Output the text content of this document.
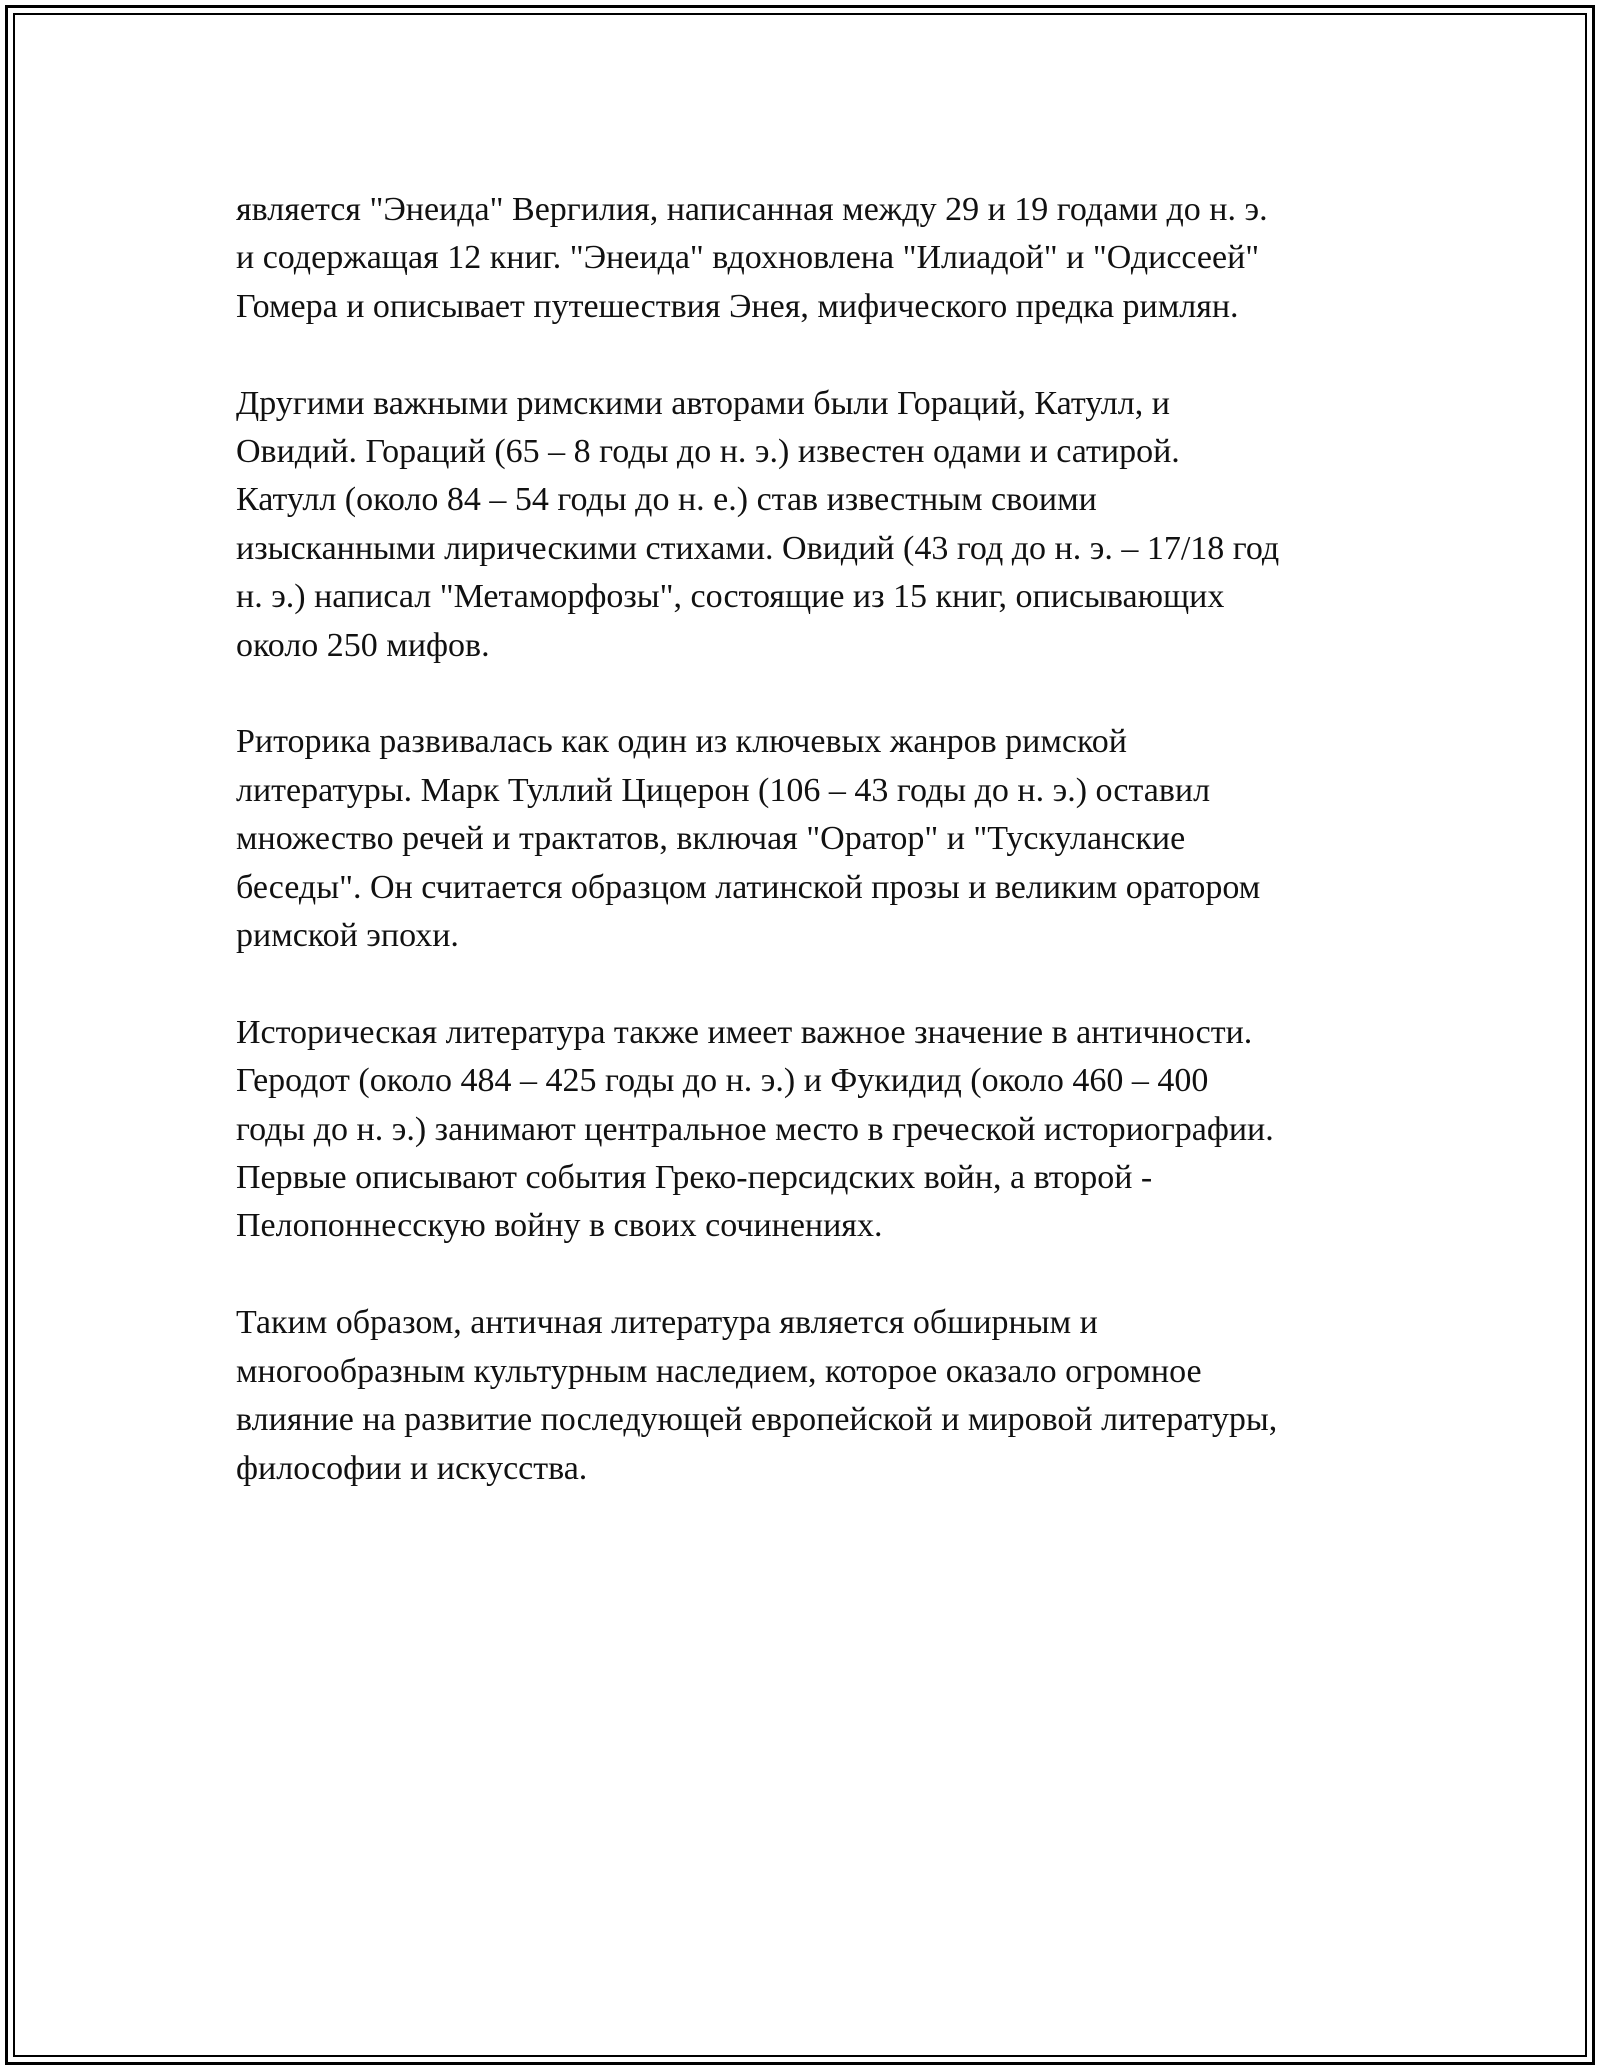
является "Энеида" Вергилия, написанная между 29 и 19 годами до н. э.
и содержащая 12 книг. "Энеида" вдохновлена "Илиадой" и "Одиссеей"
Гомера и описывает путешествия Энея, мифического предка римлян.

Другими важными римскими авторами были Гораций, Катулл, и
Овидий. Гораций (65 – 8 годы до н. э.) известен одами и сатирой.
Катулл (около 84 – 54 годы до н. е.) став известным своими
изысканными лирическими стихами. Овидий (43 год до н. э. – 17/18 год
н. э.) написал "Метаморфозы", состоящие из 15 книг, описывающих
около 250 мифов.

Риторика развивалась как один из ключевых жанров римской
литературы. Марк Туллий Цицерон (106 – 43 годы до н. э.) оставил
множество речей и трактатов, включая "Оратор" и "Тускуланские
беседы". Он считается образцом латинской прозы и великим оратором
римской эпохи.

Историческая литература также имеет важное значение в античности.
Геродот (около 484 – 425 годы до н. э.) и Фукидид (около 460 – 400
годы до н. э.) занимают центральное место в греческой историографии.
Первые описывают события Греко-персидских войн, а второй -
Пелопоннесскую войну в своих сочинениях.

Таким образом, античная литература является обширным и
многообразным культурным наследием, которое оказало огромное
влияние на развитие последующей европейской и мировой литературы,
философии и искусства.
